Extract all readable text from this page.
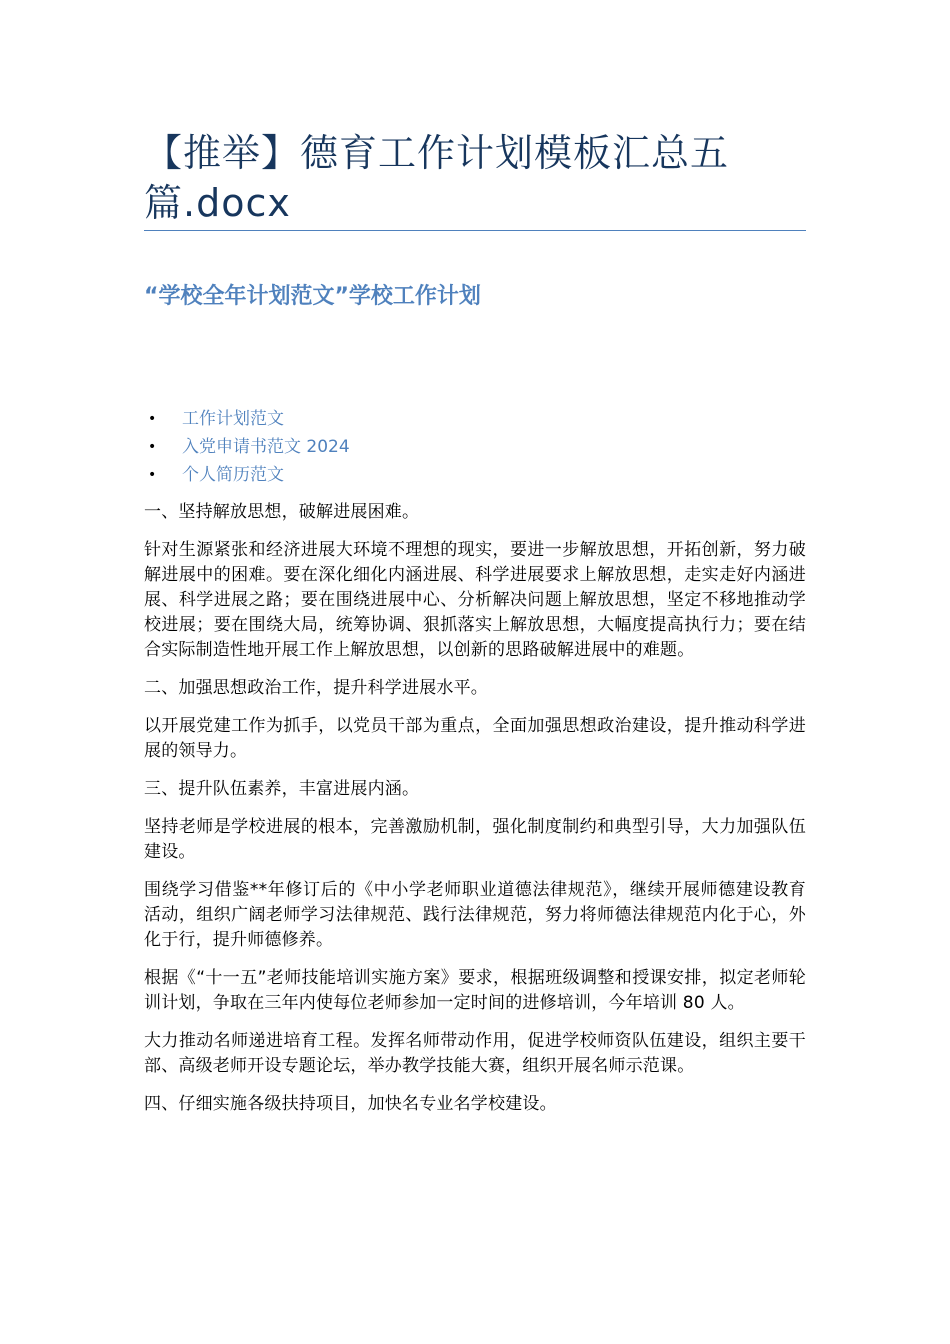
【推举】德育工作计划模板汇总五篇.docx
“学校全年计划范文”学校工作计划
• 工作计划范文
• 入党申请书范文 2024
• 个人简历范文

一、坚持解放思想，破解进展困难。

针对生源紧张和经济进展大环境不理想的现实，要进一步解放思想，开拓创新，努力破解进展中的困难。要在深化细化内涵进展、科学进展要求上解放思想，走实走好内涵进展、科学进展之路；要在围绕进展中心、分析解决问题上解放思想，坚定不移地推动学校进展；要在围绕大局，统筹协调、狠抓落实上解放思想，大幅度提高执行力；要在结合实际制造性地开展工作上解放思想，以创新的思路破解进展中的难题。

二、加强思想政治工作，提升科学进展水平。

以开展党建工作为抓手，以党员干部为重点，全面加强思想政治建设，提升推动科学进展的领导力。

三、提升队伍素养，丰富进展内涵。

坚持老师是学校进展的根本，完善激励机制，强化制度制约和典型引导，大力加强队伍建设。

围绕学习借鉴**年修订后的《中小学老师职业道德法律规范》，继续开展师德建设教育活动，组织广阔老师学习法律规范、践行法律规范，努力将师德法律规范内化于心，外化于行，提升师德修养。

根据《“十一五”老师技能培训实施方案》要求，根据班级调整和授课安排，拟定老师轮训计划，争取在三年内使每位老师参加一定时间的进修培训，今年培训 80 人。

大力推动名师递进培育工程。发挥名师带动作用，促进学校师资队伍建设，组织主要干部、高级老师开设专题论坛，举办教学技能大赛，组织开展名师示范课。

四、仔细实施各级扶持项目，加快名专业名学校建设。
